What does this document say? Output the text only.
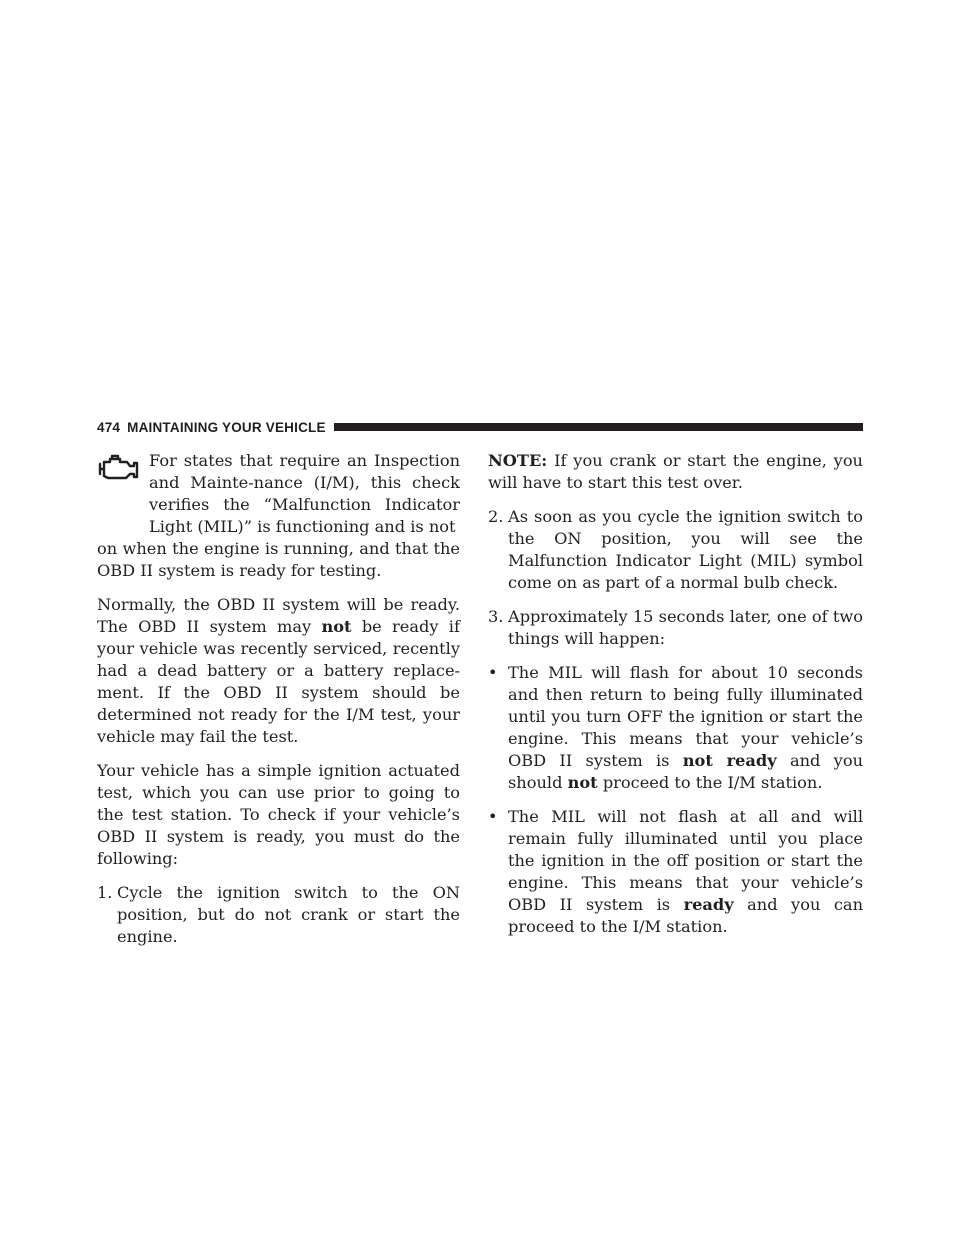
474 MAINTAINING YOUR VEHICLE
For states that require an Inspection and Mainte-nance (I/M), this check verifies the “Malfunction Indicator Light (MIL)” is functioning and is not
on when the engine is running, and that the OBD II system is ready for testing.

Normally, the OBD II system will be ready. The OBD II system may not be ready if your vehicle was recently serviced, recently had a dead battery or a battery replace-ment. If the OBD II system should be determined not ready for the I/M test, your vehicle may fail the test.

Your vehicle has a simple ignition actuated test, which you can use prior to going to the test station. To check if your vehicle’s OBD II system is ready, you must do the following:

1. Cycle the ignition switch to the ON position, but do not crank or start the engine.

NOTE: If you crank or start the engine, you will have to start this test over.

2. As soon as you cycle the ignition switch to the ON position, you will see the Malfunction Indicator Light (MIL) symbol come on as part of a normal bulb check.
3. Approximately 15 seconds later, one of two things will happen:
• The MIL will flash for about 10 seconds and then return to being fully illuminated until you turn OFF the ignition or start the engine. This means that your vehicle’s OBD II system is not ready and you should not proceed to the I/M station.
• The MIL will not flash at all and will remain fully illuminated until you place the ignition in the off position or start the engine. This means that your vehicle’s OBD II system is ready and you can proceed to the I/M station.
